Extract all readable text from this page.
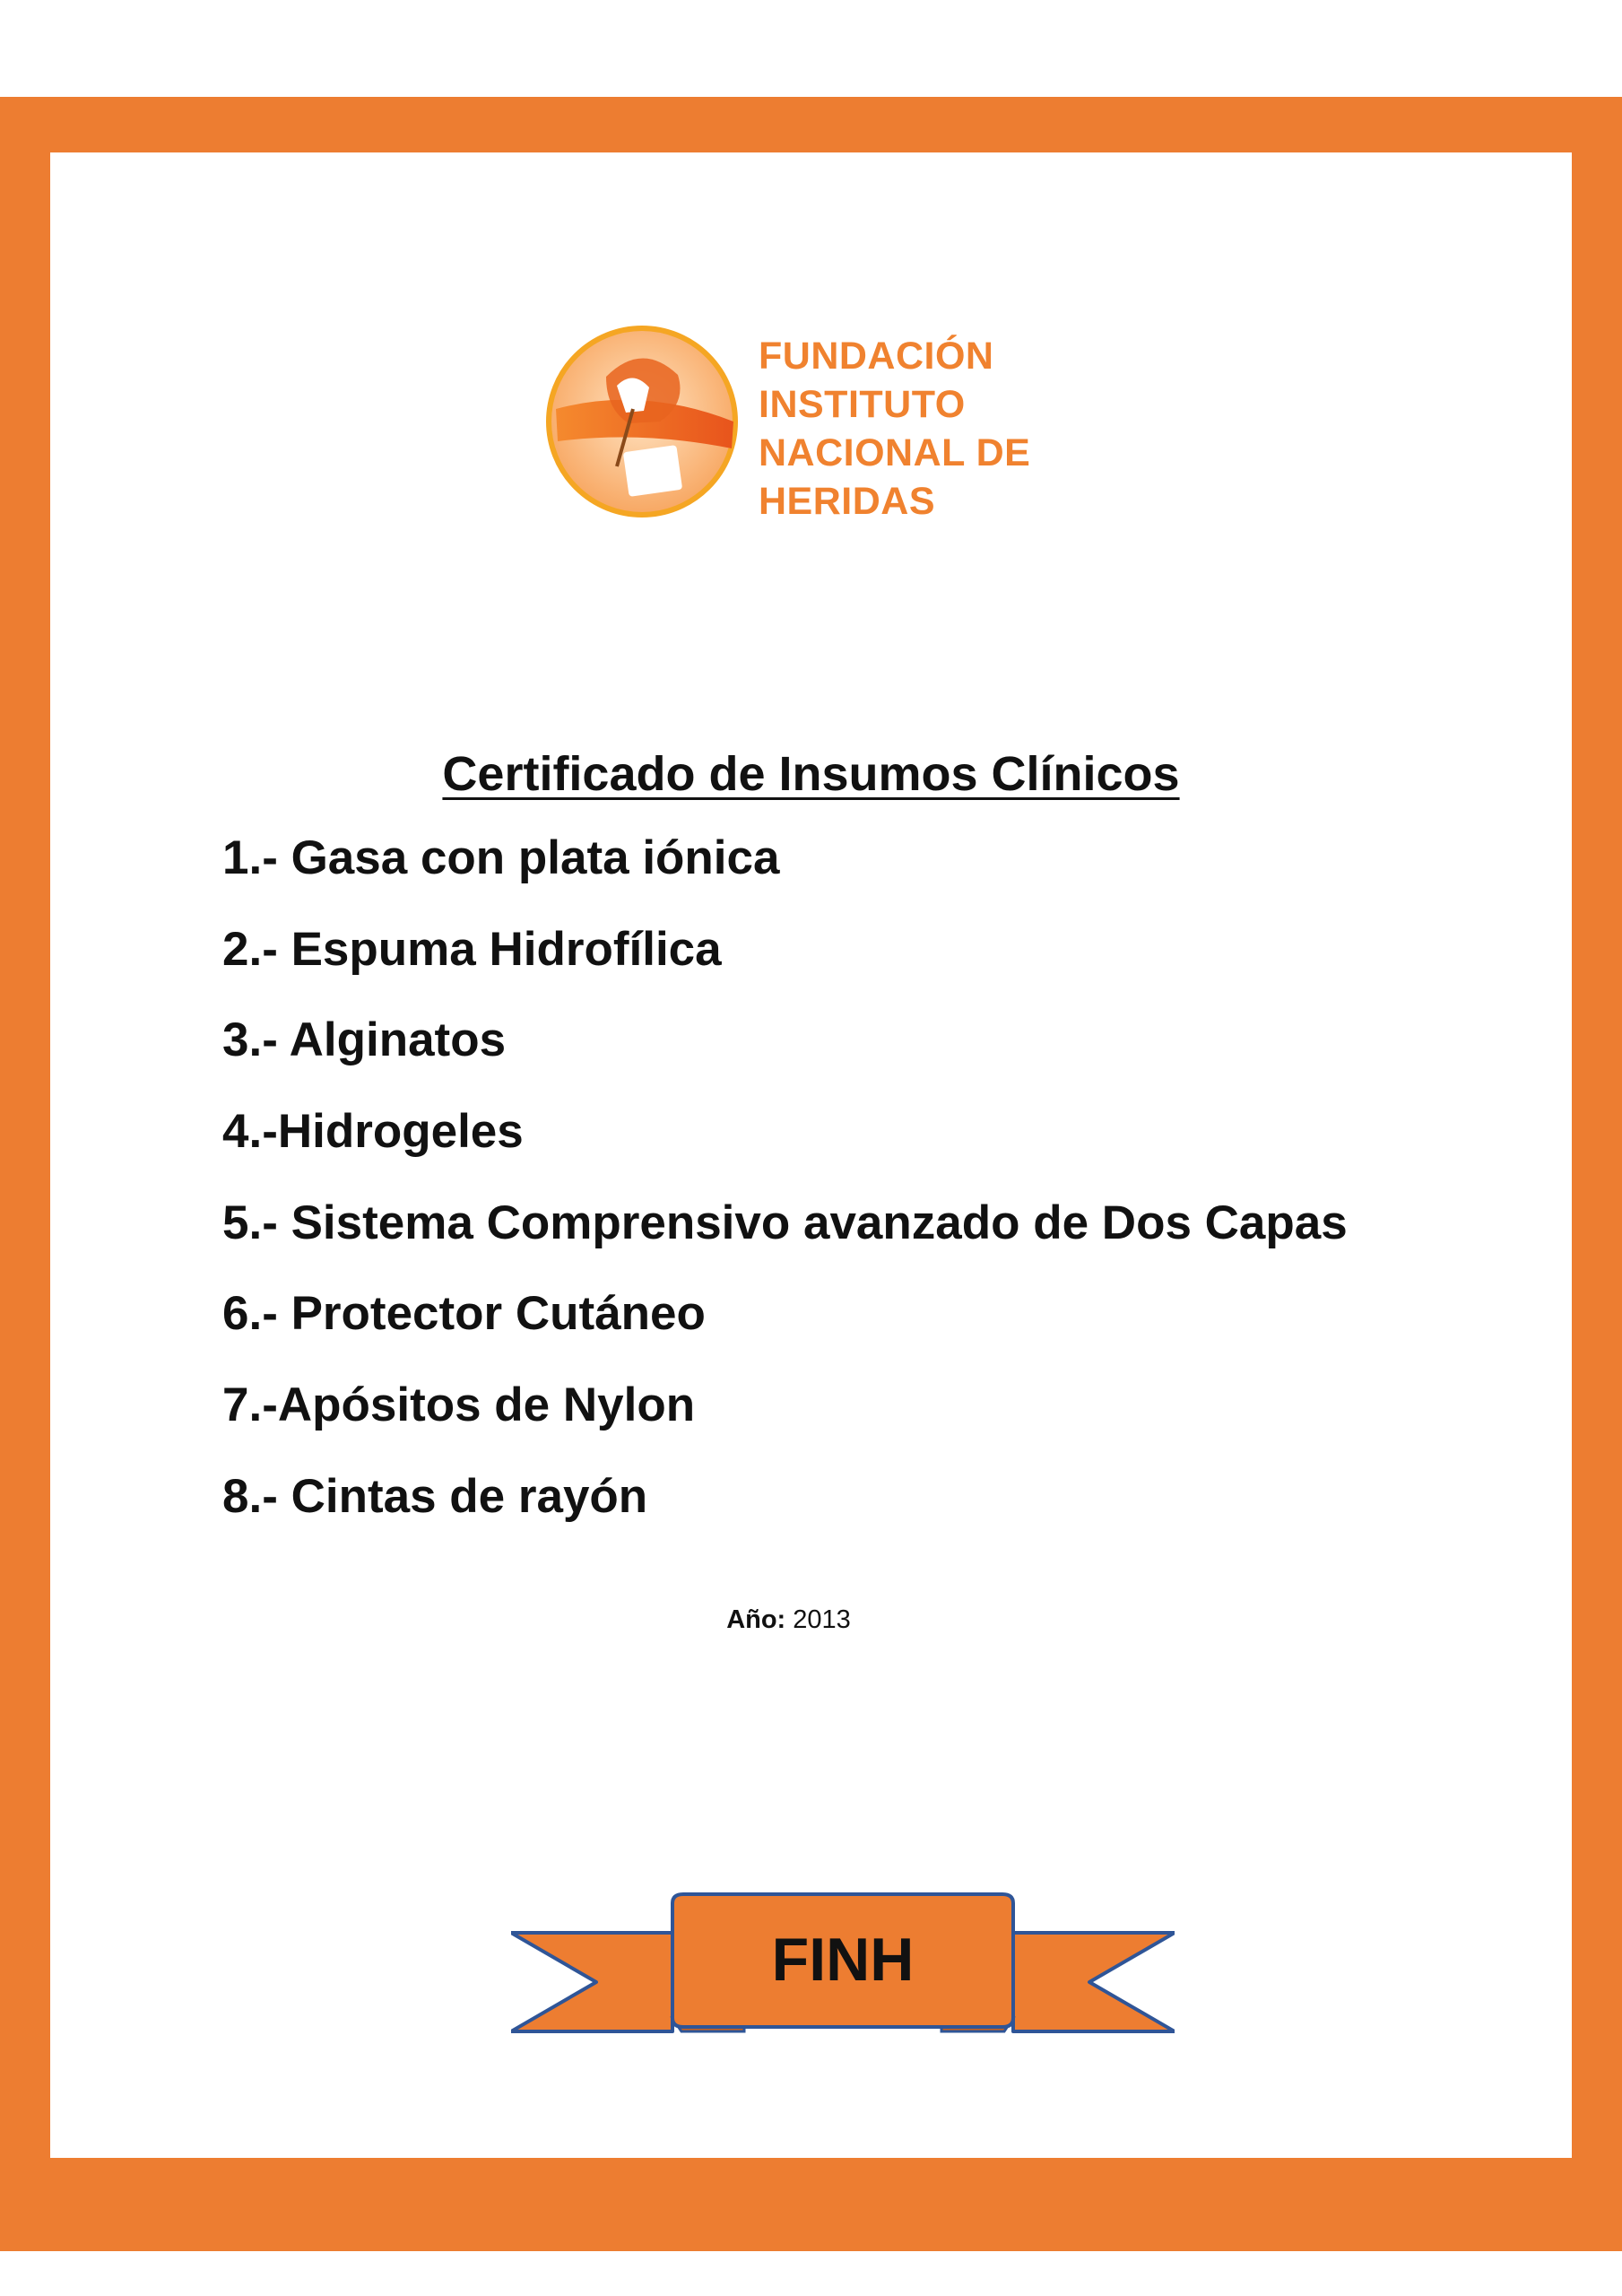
FUNDACIÓN
INSTITUTO
NACIONAL DE
HERIDAS
Certificado de Insumos Clínicos
1.- Gasa con plata iónica
2.- Espuma Hidrofílica
3.- Alginatos
4.-Hidrogeles
5.- Sistema Comprensivo avanzado de Dos Capas
6.- Protector Cutáneo
7.-Apósitos de Nylon
8.- Cintas de rayón
Año: 2013
FINH
